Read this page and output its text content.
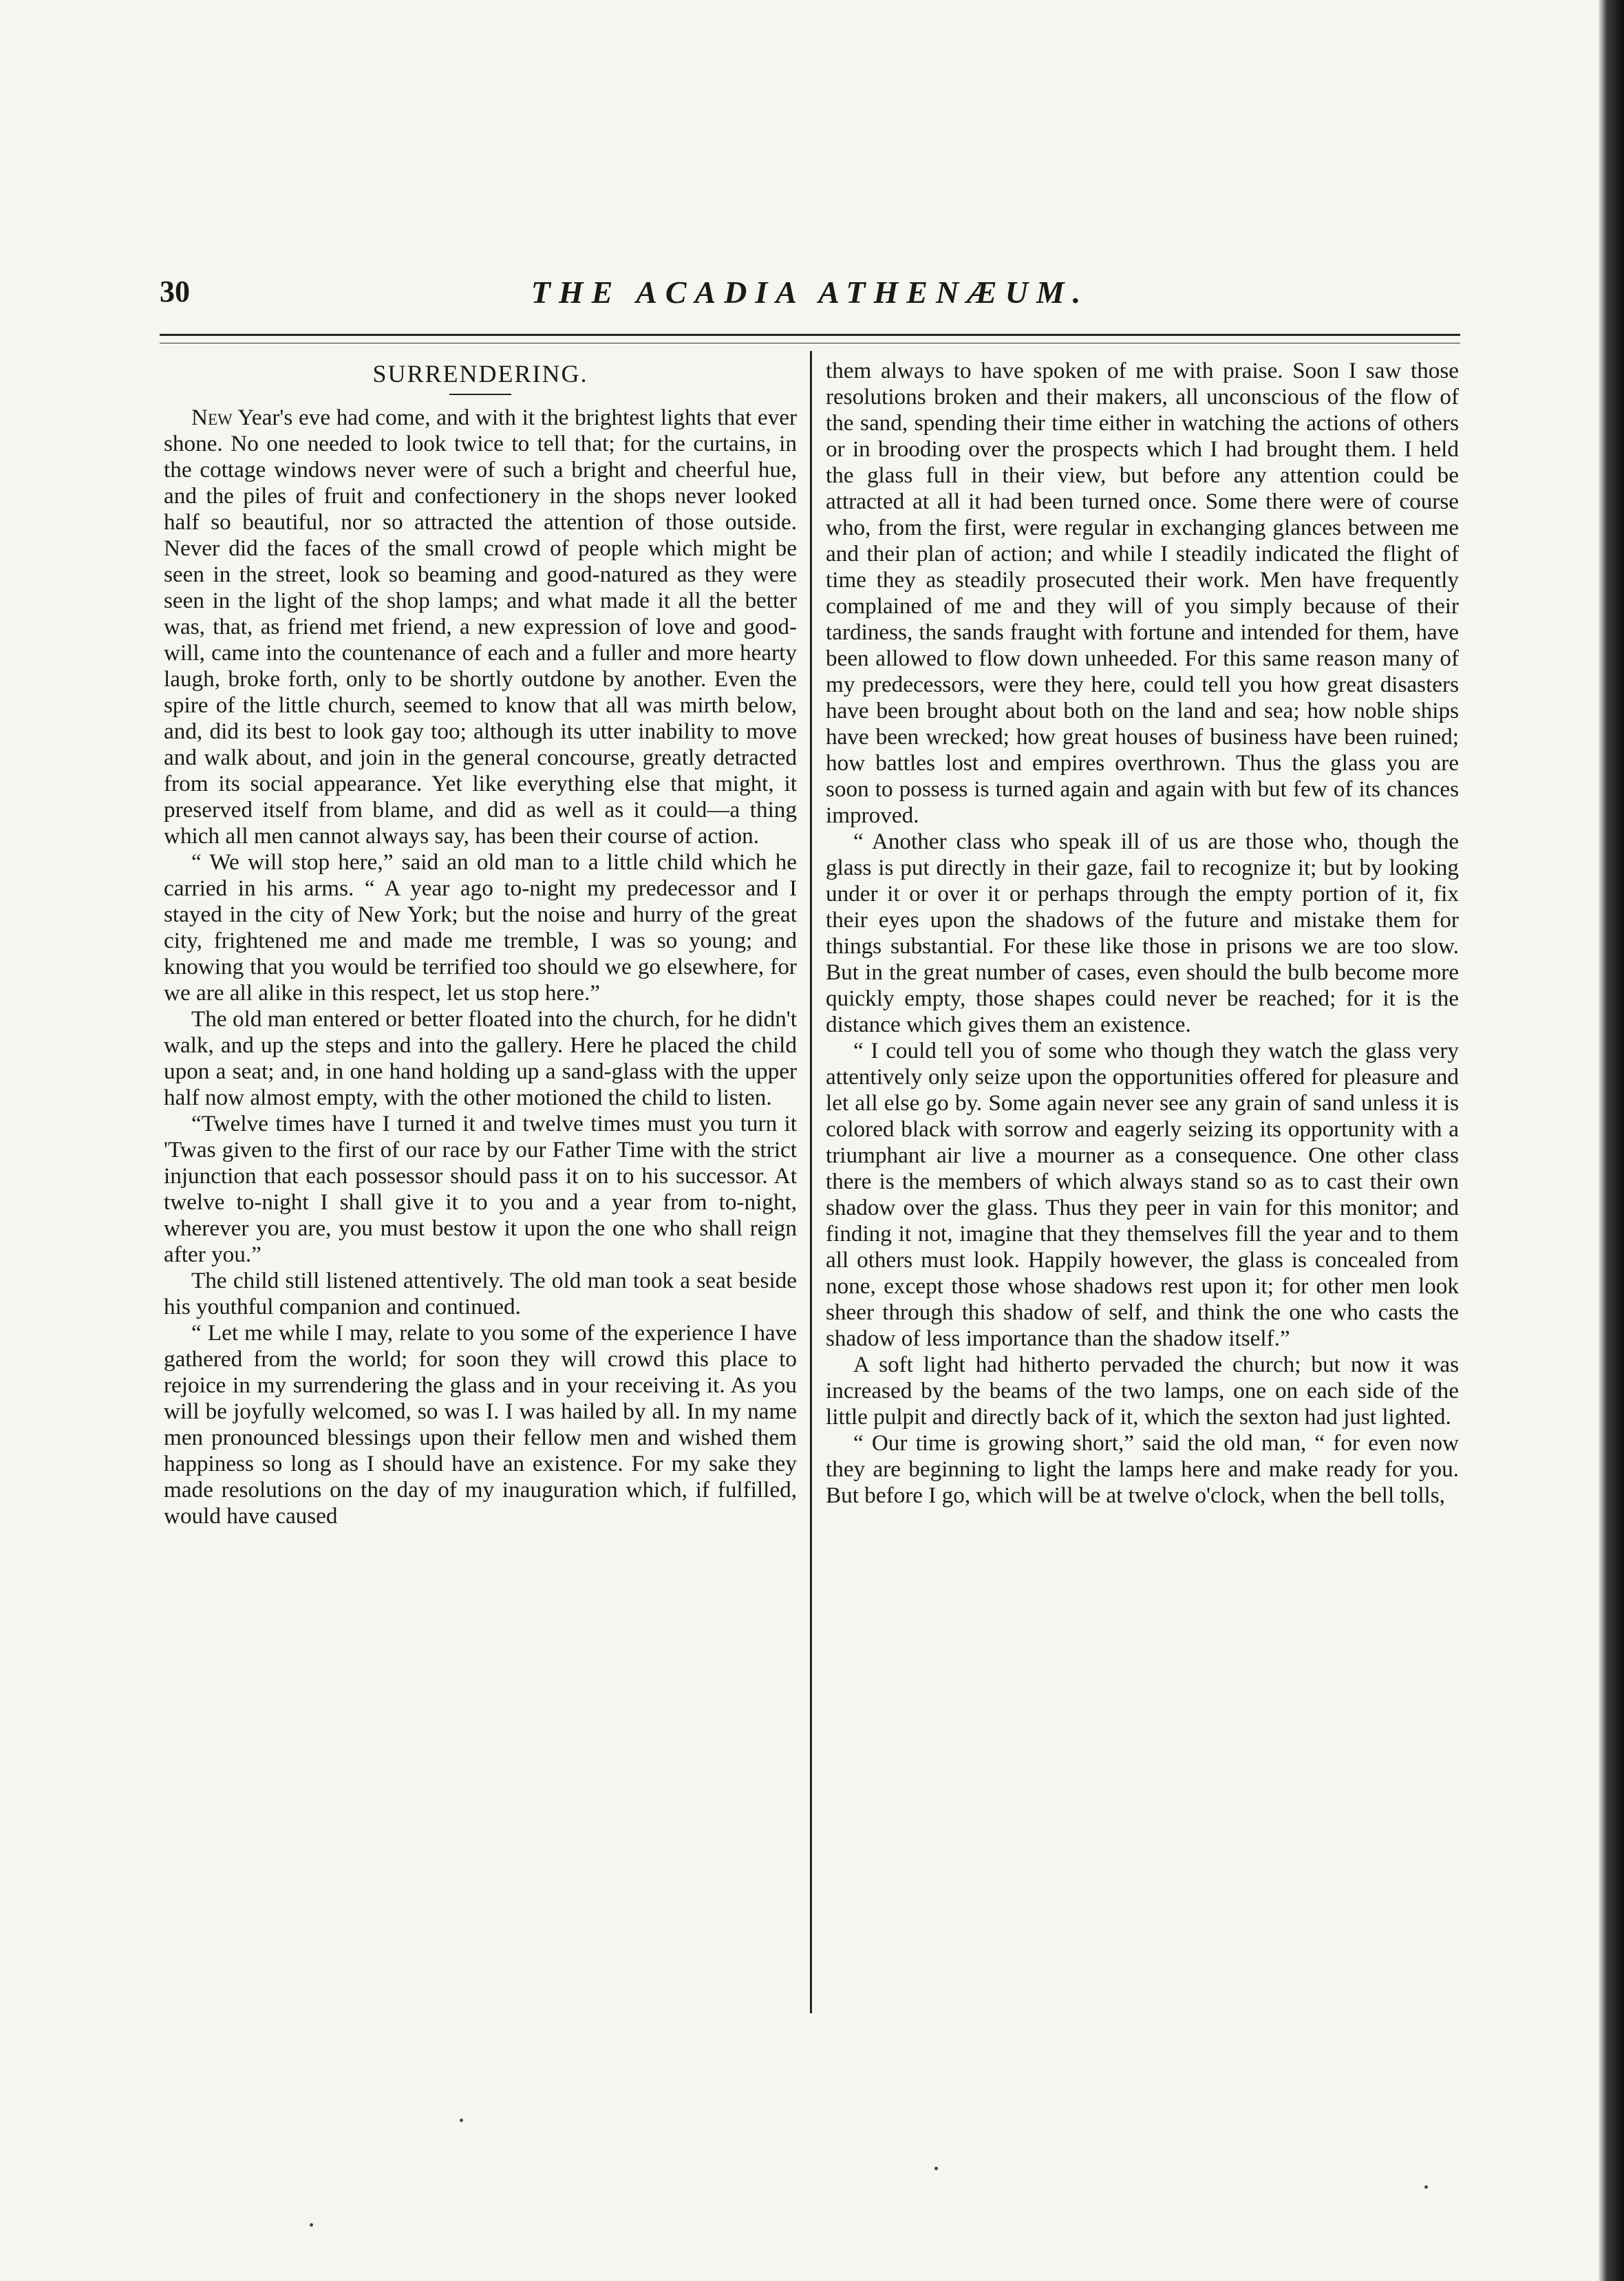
30	THE ACADIA ATHENÆUM.
SURRENDERING.

New Year's eve had come, and with it the brightest lights that ever shone. No one needed to look twice to tell that; for the curtains, in the cottage windows never were of such a bright and cheerful hue, and the piles of fruit and confectionery in the shops never looked half so beautiful, nor so attracted the attention of those outside. Never did the faces of the small crowd of people which might be seen in the street, look so beaming and good-natured as they were seen in the light of the shop lamps; and what made it all the better was, that, as friend met friend, a new expression of love and good-will, came into the countenance of each and a fuller and more hearty laugh, broke forth, only to be shortly outdone by another. Even the spire of the little church, seemed to know that all was mirth below, and, did its best to look gay too; although its utter inability to move and walk about, and join in the general concourse, greatly detracted from its social appearance. Yet like everything else that might, it preserved itself from blame, and did as well as it could—a thing which all men cannot always say, has been their course of action.

“ We will stop here,” said an old man to a little child which he carried in his arms. “ A year ago to-night my predecessor and I stayed in the city of New York; but the noise and hurry of the great city, frightened me and made me tremble, I was so young; and knowing that you would be terrified too should we go elsewhere, for we are all alike in this respect, let us stop here.”

The old man entered or better floated into the church, for he didn't walk, and up the steps and into the gallery. Here he placed the child upon a seat; and, in one hand holding up a sand-glass with the upper half now almost empty, with the other motioned the child to listen.

“Twelve times have I turned it and twelve times must you turn it 'Twas given to the first of our race by our Father Time with the strict injunction that each possessor should pass it on to his successor. At twelve to-night I shall give it to you and a year from to-night, wherever you are, you must bestow it upon the one who shall reign after you.”

The child still listened attentively. The old man took a seat beside his youthful companion and continued.

“ Let me while I may, relate to you some of the experience I have gathered from the world; for soon they will crowd this place to rejoice in my surrendering the glass and in your receiving it. As you will be joyfully welcomed, so was I. I was hailed by all. In my name men pronounced blessings upon their fellow men and wished them happiness so long as I should have an existence. For my sake they made resolutions on the day of my inauguration which, if fulfilled, would have caused

them always to have spoken of me with praise. Soon I saw those resolutions broken and their makers, all unconscious of the flow of the sand, spending their time either in watching the actions of others or in brooding over the prospects which I had brought them. I held the glass full in their view, but before any attention could be attracted at all it had been turned once. Some there were of course who, from the first, were regular in exchanging glances between me and their plan of action; and while I steadily indicated the flight of time they as steadily prosecuted their work. Men have frequently complained of me and they will of you simply because of their tardiness, the sands fraught with fortune and intended for them, have been allowed to flow down unheeded. For this same reason many of my predecessors, were they here, could tell you how great disasters have been brought about both on the land and sea; how noble ships have been wrecked; how great houses of business have been ruined; how battles lost and empires overthrown. Thus the glass you are soon to possess is turned again and again with but few of its chances improved.

“ Another class who speak ill of us are those who, though the glass is put directly in their gaze, fail to recognize it; but by looking under it or over it or perhaps through the empty portion of it, fix their eyes upon the shadows of the future and mistake them for things substantial. For these like those in prisons we are too slow. But in the great number of cases, even should the bulb become more quickly empty, those shapes could never be reached; for it is the distance which gives them an existence.

“ I could tell you of some who though they watch the glass very attentively only seize upon the opportunities offered for pleasure and let all else go by. Some again never see any grain of sand unless it is colored black with sorrow and eagerly seizing its opportunity with a triumphant air live a mourner as a consequence. One other class there is the members of which always stand so as to cast their own shadow over the glass. Thus they peer in vain for this monitor; and finding it not, imagine that they themselves fill the year and to them all others must look. Happily however, the glass is concealed from none, except those whose shadows rest upon it; for other men look sheer through this shadow of self, and think the one who casts the shadow of less importance than the shadow itself.”

A soft light had hitherto pervaded the church; but now it was increased by the beams of the two lamps, one on each side of the little pulpit and directly back of it, which the sexton had just lighted.

“ Our time is growing short,” said the old man, “ for even now they are beginning to light the lamps here and make ready for you. But before I go, which will be at twelve o'clock, when the bell tolls,
